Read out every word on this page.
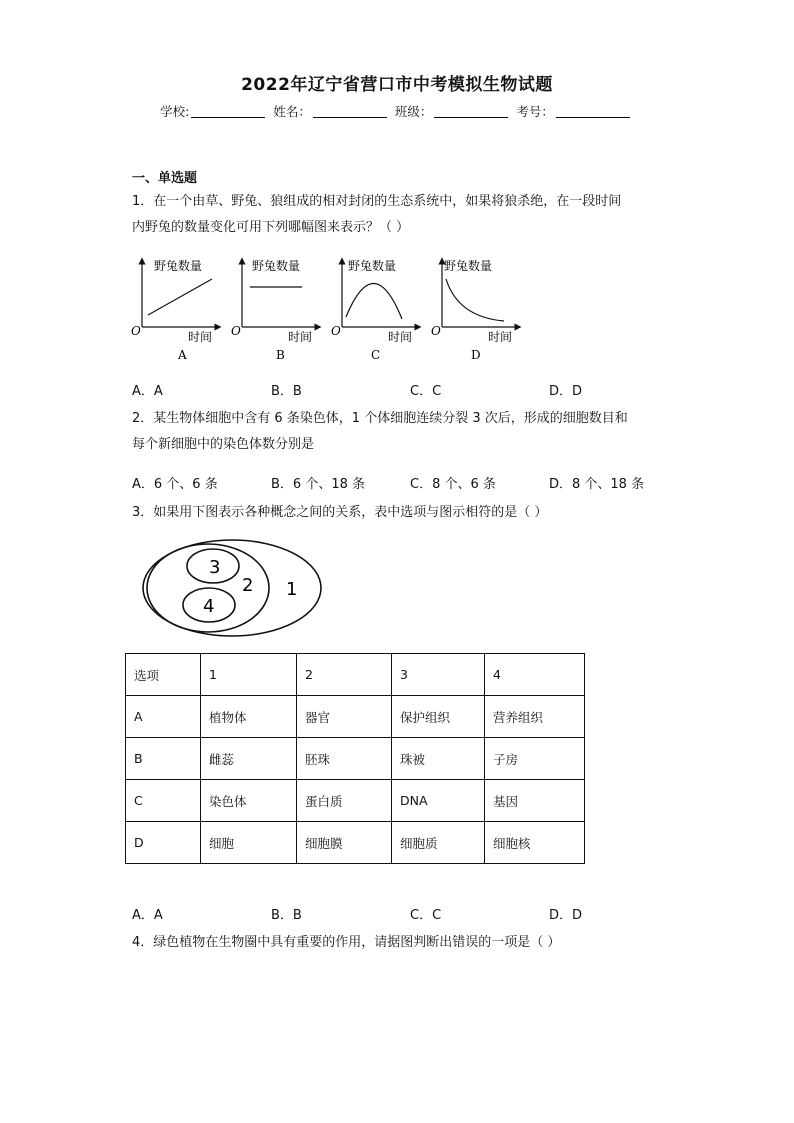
2022年辽宁省营口市中考模拟生物试题
学校:	姓名：	班级：	考号：
一、单选题
1．在一个由草、野兔、狼组成的相对封闭的生态系统中，如果将狼杀绝，在一段时间
内野兔的数量变化可用下列哪幅图来表示？（ ）
野兔数量
O	时间
A
野兔数量
O	时间
B
野兔数量
O	时间
C
野兔数量
O	时间
D
A．A	B．B	C．C	D．D
2．某生物体细胞中含有 6 条染色体，1 个体细胞连续分裂 3 次后，形成的细胞数目和
每个新细胞中的染色体数分别是
A．6 个、6 条	B．6 个、18 条	C．8 个、6 条	D．8 个、18 条
3．如果用下图表示各种概念之间的关系，表中选项与图示相符的是（ ）
1
2
3
4
选项	1	2	3	4
A	植物体	器官	保护组织	营养组织
B	雌蕊	胚珠	珠被	子房
C	染色体	蛋白质	DNA	基因
D	细胞	细胞膜	细胞质	细胞核
A．A	B．B	C．C	D．D
4．绿色植物在生物圈中具有重要的作用，请据图判断出错误的一项是（ ）
